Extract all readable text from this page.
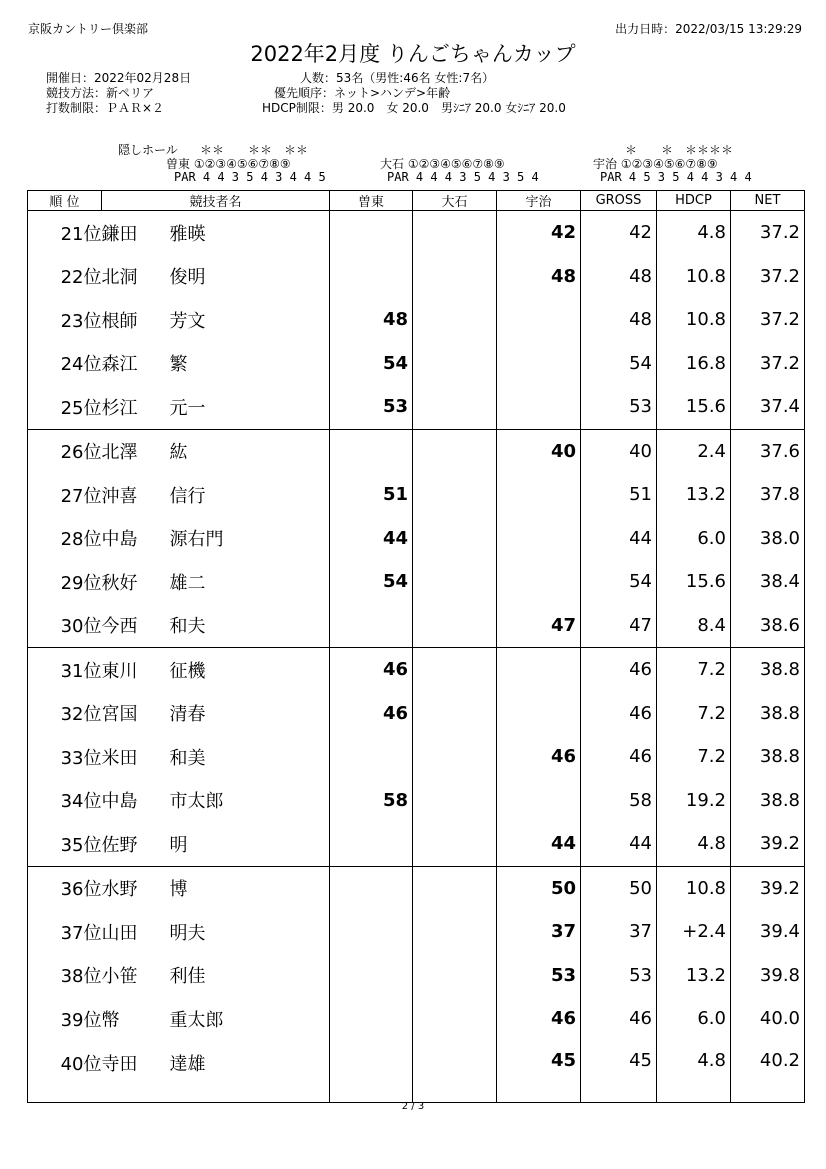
京阪カントリー倶楽部	出力日時：2022/03/15 13:29:29
2022年2月度 りんごちゃんカップ
開催日：2022年02月28日
競技方法：新ペリア
打数制限：ＰＡＲ×２
人数：53名（男性:46名 女性:7名）
優先順序：ネット>ハンデ>年齢
HDCP制限：男 20.0　女 20.0　男ｼﾆｱ 20.0 女ｼﾆｱ 20.0
隠しホール ＊＊　　＊＊　＊＊	＊　　＊　＊＊＊＊
曽東 ①②③④⑤⑥⑦⑧⑨
PAR 4 4 3 5 4 3 4 4 5
大石 ①②③④⑤⑥⑦⑧⑨
PAR 4 4 4 3 5 4 3 5 4
宇治 ①②③④⑤⑥⑦⑧⑨
PAR 4 5 3 5 4 4 3 4 4
順 位	競技者名	曽東	大石	宇治	GROSS	HDCP	NET
21位	鎌田 雅暎			42	42	4.8	37.2
22位	北洞 俊明			48	48	10.8	37.2
23位	根師 芳文	48			48	10.8	37.2
24位	森江 繁	54			54	16.8	37.2
25位	杉江 元一	53			53	15.6	37.4
26位	北澤 紘			40	40	2.4	37.6
27位	沖喜 信行	51			51	13.2	37.8
28位	中島 源右門	44			44	6.0	38.0
29位	秋好 雄二	54			54	15.6	38.4
30位	今西 和夫			47	47	8.4	38.6
31位	東川 征機	46			46	7.2	38.8
32位	宮国 清春	46			46	7.2	38.8
33位	米田 和美			46	46	7.2	38.8
34位	中島 市太郎	58			58	19.2	38.8
35位	佐野 明			44	44	4.8	39.2
36位	水野 博			50	50	10.8	39.2
37位	山田 明夫			37	37	+2.4	39.4
38位	小笹 利佳			53	53	13.2	39.8
39位	幣 重太郎			46	46	6.0	40.0
40位	寺田 達雄			45	45	4.8	40.2
2 / 3
